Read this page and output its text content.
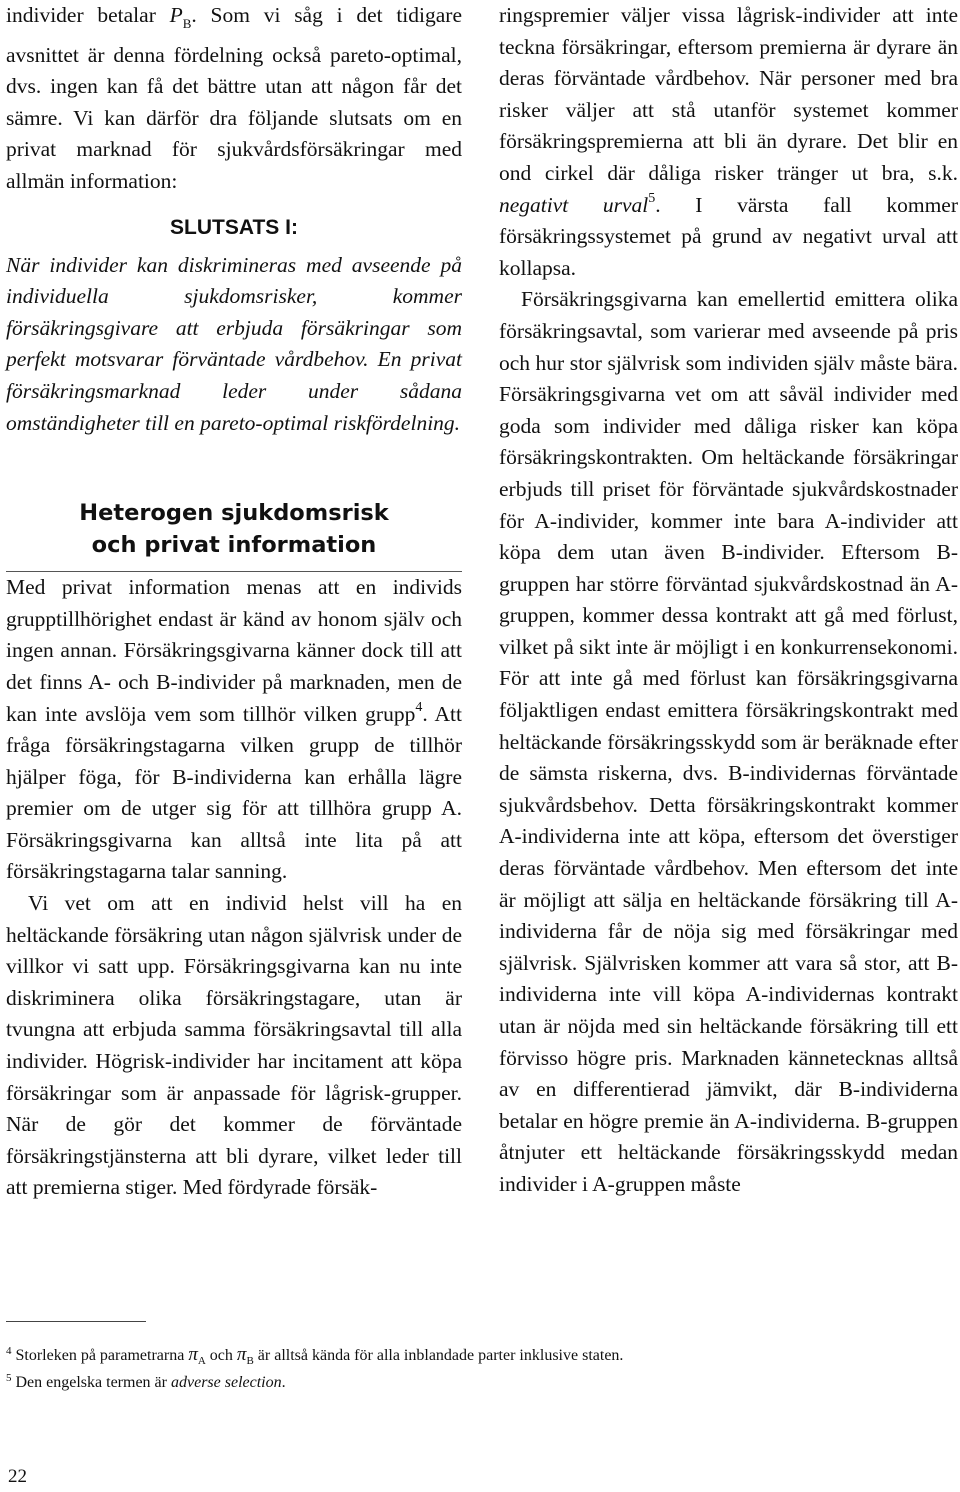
individer betalar $P_B$. Som vi såg i det tidigare avsnittet är denna fördelning också pareto-optimal, dvs. ingen kan få det bättre utan att någon får det sämre. Vi kan därför dra följande slutsats om en privat marknad för sjukvårdsförsäkringar med allmän information:

SLUTSATS I:

När individer kan diskrimineras med avseende på individuella sjukdomsrisker, kommer försäkringsgivare att erbjuda försäkringar som perfekt motsvarar förväntade vårdbehov. En privat försäkringsmarknad leder under sådana omständigheter till en pareto-optimal riskfördelning.

Heterogen sjukdomsrisk
och privat information

Med privat information menas att en individs grupptillhörighet endast är känd av honom själv och ingen annan. Försäkringsgivarna känner dock till att det finns A- och B-individer på marknaden, men de kan inte avslöja vem som tillhör vilken grupp$^4$. Att fråga försäkringstagarna vilken grupp de tillhör hjälper föga, för B-individerna kan erhålla lägre premier om de utger sig för att tillhöra grupp A. Försäkringsgivarna kan alltså inte lita på att försäkringstagarna talar sanning.

Vi vet om att en individ helst vill ha en heltäckande försäkring utan någon självrisk under de villkor vi satt upp. Försäkringsgivarna kan nu inte diskriminera olika försäkringstagare, utan är tvungna att erbjuda samma försäkringsavtal till alla individer. Högrisk-individer har incitament att köpa försäkringar som är anpassade för lågrisk-grupper. När de gör det kommer de förväntade försäkringstjänsterna att bli dyrare, vilket leder till att premierna stiger. Med fördyrade försäk-

ringspremier väljer vissa lågrisk-individer att inte teckna försäkringar, eftersom premierna är dyrare än deras förväntade vårdbehov. När personer med bra risker väljer att stå utanför systemet kommer försäkringspremierna att bli än dyrare. Det blir en ond cirkel där dåliga risker tränger ut bra, s.k. negativt urval$^5$. I värsta fall kommer försäkringssystemet på grund av negativt urval att kollapsa.

Försäkringsgivarna kan emellertid emittera olika försäkringsavtal, som varierar med avseende på pris och hur stor självrisk som individen själv måste bära. Försäkringsgivarna vet om att såväl individer med goda som individer med dåliga risker kan köpa försäkringskontrakten. Om heltäckande försäkringar erbjuds till priset för förväntade sjukvårdskostnader för A-individer, kommer inte bara A-individer att köpa dem utan även B-individer. Eftersom B-gruppen har större förväntad sjukvårdskostnad än A-gruppen, kommer dessa kontrakt att gå med förlust, vilket på sikt inte är möjligt i en konkurrensekonomi. För att inte gå med förlust kan försäkringsgivarna följaktligen endast emittera försäkringskontrakt med heltäckande försäkringsskydd som är beräknade efter de sämsta riskerna, dvs. B-individernas förväntade sjukvårdsbehov. Detta försäkringskontrakt kommer A-individerna inte att köpa, eftersom det överstiger deras förväntade vårdbehov. Men eftersom det inte är möjligt att sälja en heltäckande försäkring till A-individerna får de nöja sig med försäkringar med självrisk. Självrisken kommer att vara så stor, att B-individerna inte vill köpa A-individernas kontrakt utan är nöjda med sin heltäckande försäkring till ett förvisso högre pris. Marknaden kännetecknas alltså av en differentierad jämvikt, där B-individerna betalar en högre premie än A-individerna. B-gruppen åtnjuter ett heltäckande försäkringsskydd medan individer i A-gruppen måste

$^4$ Storleken på parametrarna $\pi_A$ och $\pi_B$ är alltså kända för alla inblandade parter inklusive staten.

$^5$ Den engelska termen är adverse selection.

22
